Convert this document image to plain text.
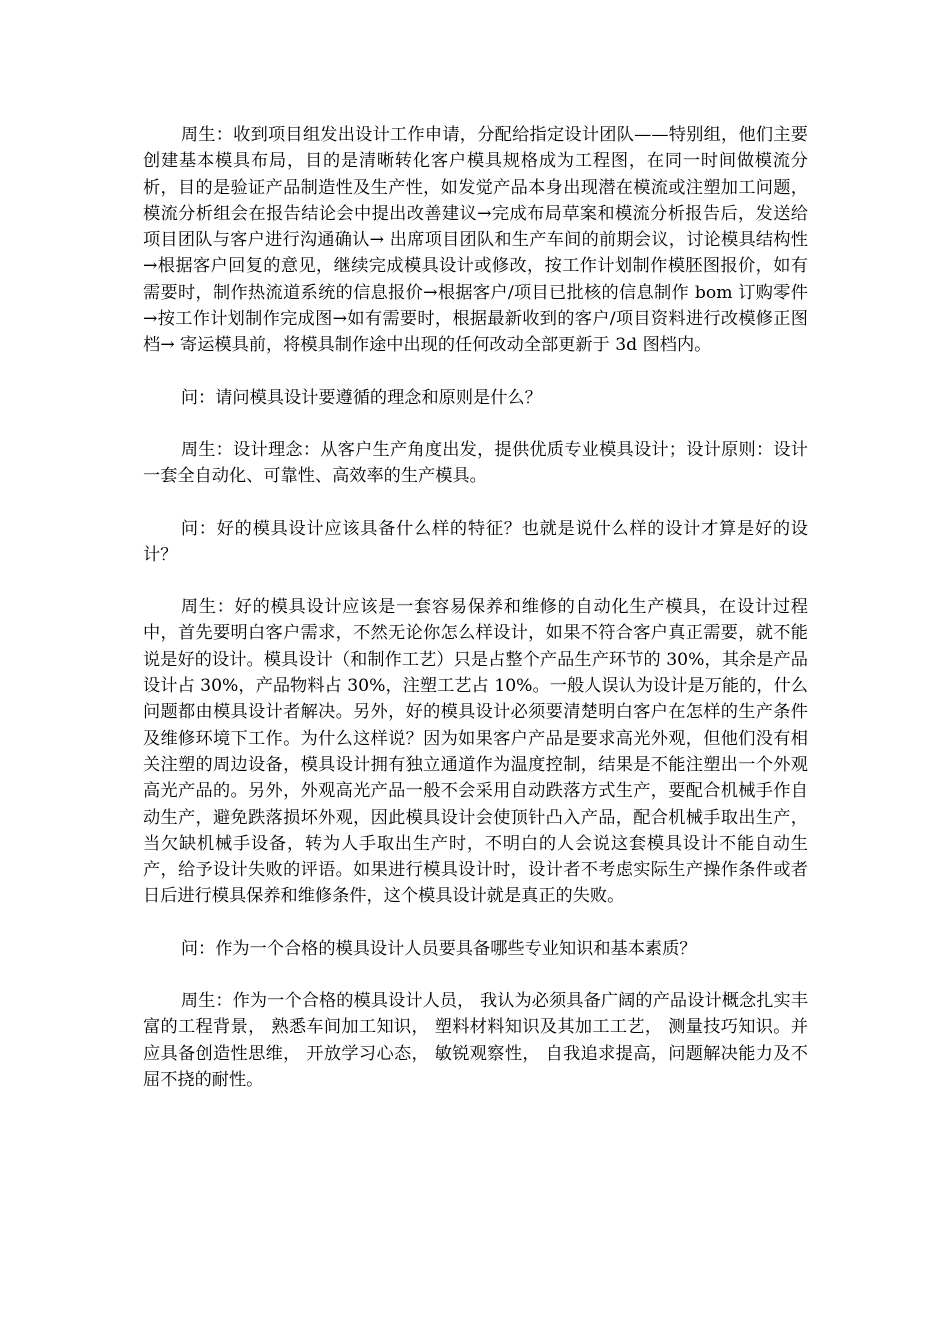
周生：收到项目组发出设计工作申请，分配给指定设计团队——特别组，他们主要创建基本模具布局，目的是清晰转化客户模具规格成为工程图，在同一时间做模流分析，目的是验证产品制造性及生产性，如发觉产品本身出现潜在模流或注塑加工问题，模流分析组会在报告结论会中提出改善建议→完成布局草案和模流分析报告后，发送给项目团队与客户进行沟通确认→ 出席项目团队和生产车间的前期会议，讨论模具结构性 →根据客户回复的意见，继续完成模具设计或修改，按工作计划制作模胚图报价，如有需要时，制作热流道系统的信息报价→根据客户/项目已批核的信息制作 bom 订购零件→按工作计划制作完成图→如有需要时，根据最新收到的客户/项目资料进行改模修正图档→ 寄运模具前，将模具制作途中出现的任何改动全部更新于 3d 图档内。

问：请问模具设计要遵循的理念和原则是什么？

周生：设计理念：从客户生产角度出发，提供优质专业模具设计；设计原则：设计一套全自动化、可靠性、高效率的生产模具。

问：好的模具设计应该具备什么样的特征？也就是说什么样的设计才算是好的设计？

周生：好的模具设计应该是一套容易保养和维修的自动化生产模具，在设计过程中，首先要明白客户需求，不然无论你怎么样设计，如果不符合客户真正需要，就不能说是好的设计。模具设计（和制作工艺）只是占整个产品生产环节的 30%，其余是产品设计占 30%，产品物料占 30%，注塑工艺占 10%。一般人误认为设计是万能的，什么问题都由模具设计者解决。另外，好的模具设计必须要清楚明白客户在怎样的生产条件及维修环境下工作。为什么这样说？因为如果客户产品是要求高光外观，但他们没有相关注塑的周边设备，模具设计拥有独立通道作为温度控制，结果是不能注塑出一个外观高光产品的。另外，外观高光产品一般不会采用自动跌落方式生产，要配合机械手作自动生产，避免跌落损坏外观，因此模具设计会使顶针凸入产品，配合机械手取出生产，当欠缺机械手设备，转为人手取出生产时，不明白的人会说这套模具设计不能自动生产，给予设计失败的评语。如果进行模具设计时，设计者不考虑实际生产操作条件或者日后进行模具保养和维修条件，这个模具设计就是真正的失败。

问：作为一个合格的模具设计人员要具备哪些专业知识和基本素质？

周生：作为一个合格的模具设计人员， 我认为必须具备广阔的产品设计概念扎实丰富的工程背景， 熟悉车间加工知识， 塑料材料知识及其加工工艺， 测量技巧知识。并应具备创造性思维， 开放学习心态， 敏锐观察性， 自我追求提高，问题解决能力及不屈不挠的耐性。
